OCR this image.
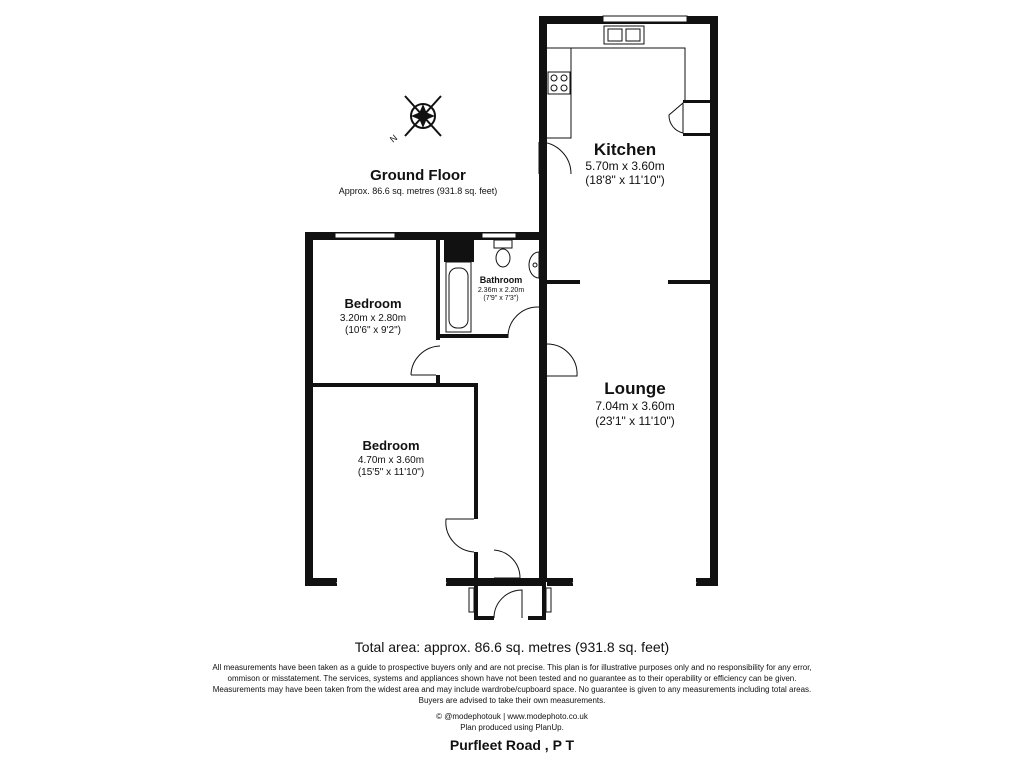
N
Ground Floor
Approx. 86.6 sq. metres (931.8 sq. feet)
Kitchen
5.70m x 3.60m
(18'8" x 11'10")
Lounge
7.04m x 3.60m
(23'1" x 11'10")
Bedroom
3.20m x 2.80m
(10'6" x 9'2")
Bedroom
4.70m x 3.60m
(15'5" x 11'10")
Bathroom
2.36m x 2.20m
(7'9" x 7'3")
Total area: approx. 86.6 sq. metres (931.8 sq. feet)
All measurements have been taken as a guide to prospective buyers only and are not precise. This plan is for illustrative purposes only and no responsibility for any error,
ommison or misstatement. The services, systems and appliances shown have not been tested and no guarantee as to their operability or efficiency can be given.
Measurements may have been taken from the widest area and may include wardrobe/cupboard space. No guarantee is given to any measurements including total areas.
Buyers are advised to take their own measurements.
© @modephotouk | www.modephoto.co.uk
Plan produced using PlanUp.
Purfleet Road , P T
